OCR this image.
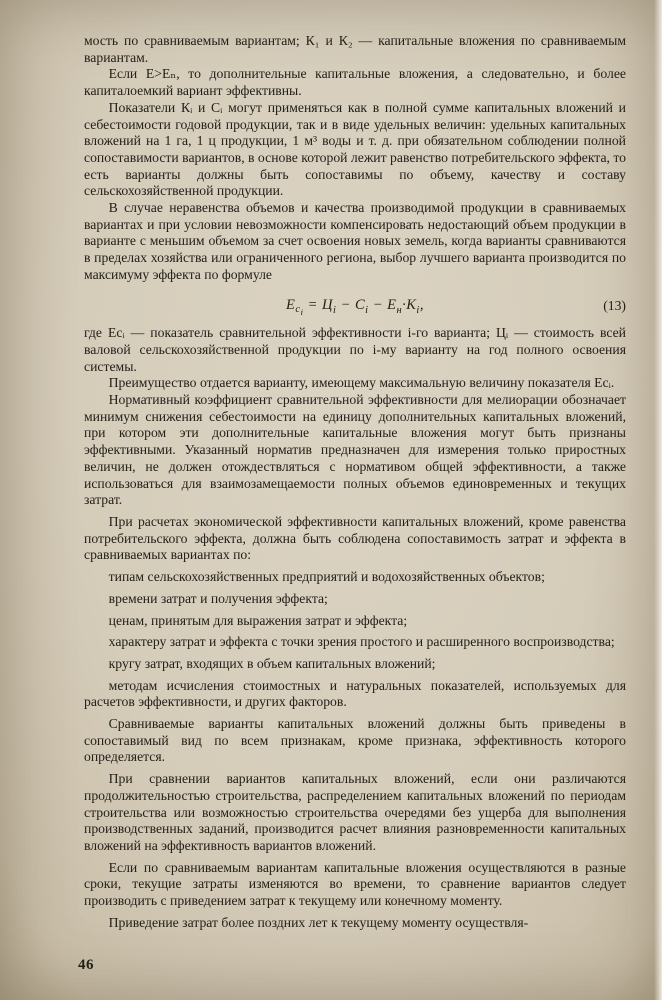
мость по сравниваемым вариантам; К₁ и К₂ — капитальные вложения по сравниваемым вариантам.

Если Е>Еₙ, то дополнительные капитальные вложения, а следовательно, и более капиталоемкий вариант эффективны.

Показатели Кᵢ и Сᵢ могут применяться как в полной сумме капитальных вложений и себестоимости годовой продукции, так и в виде удельных величин: удельных капитальных вложений на 1 га, 1 ц продукции, 1 м³ воды и т. д. при обязательном соблюдении полной сопоставимости вариантов, в основе которой лежит равенство потребительского эффекта, то есть варианты должны быть сопоставимы по объему, качеству и составу сельскохозяйственной продукции.

В случае неравенства объемов и качества производимой продукции в сравниваемых вариантах и при условии невозможности компенсировать недостающий объем продукции в варианте с меньшим объемом за счет освоения новых земель, когда варианты сравниваются в пределах хозяйства или ограниченного региона, выбор лучшего варианта производится по максимуму эффекта по формуле

$Е_{с_i} = Ц_i - С_i - Е_н\cdot К_i$,	(13)

где Есᵢ — показатель сравнительной эффективности i-го варианта; Цᵢ — стоимость всей валовой сельскохозяйственной продукции по i-му варианту на год полного освоения системы.

Преимущество отдается варианту, имеющему максимальную величину показателя Есᵢ.

Нормативный коэффициент сравнительной эффективности для мелиорации обозначает минимум снижения себестоимости на единицу дополнительных капитальных вложений, при котором эти дополнительные капитальные вложения могут быть признаны эффективными. Указанный норматив предназначен для измерения только приростных величин, не должен отождествляться с нормативом общей эффективности, а также использоваться для взаимозамещаемости полных объемов единовременных и текущих затрат.

При расчетах экономической эффективности капитальных вложений, кроме равенства потребительского эффекта, должна быть соблюдена сопоставимость затрат и эффекта в сравниваемых вариантах по:

типам сельскохозяйственных предприятий и водохозяйственных объектов;

времени затрат и получения эффекта;

ценам, принятым для выражения затрат и эффекта;

характеру затрат и эффекта с точки зрения простого и расширенного воспроизводства;

кругу затрат, входящих в объем капитальных вложений;

методам исчисления стоимостных и натуральных показателей, используемых для расчетов эффективности, и других факторов.

Сравниваемые варианты капитальных вложений должны быть приведены в сопоставимый вид по всем признакам, кроме признака, эффективность которого определяется.

При сравнении вариантов капитальных вложений, если они различаются продолжительностью строительства, распределением капитальных вложений по периодам строительства или возможностью строительства очередями без ущерба для выполнения производственных заданий, производится расчет влияния разновременности капитальных вложений на эффективность вариантов вложений.

Если по сравниваемым вариантам капитальные вложения осуществляются в разные сроки, текущие затраты изменяются во времени, то сравнение вариантов следует производить с приведением затрат к текущему или конечному моменту.

Приведение затрат более поздних лет к текущему моменту осуществля-

46
